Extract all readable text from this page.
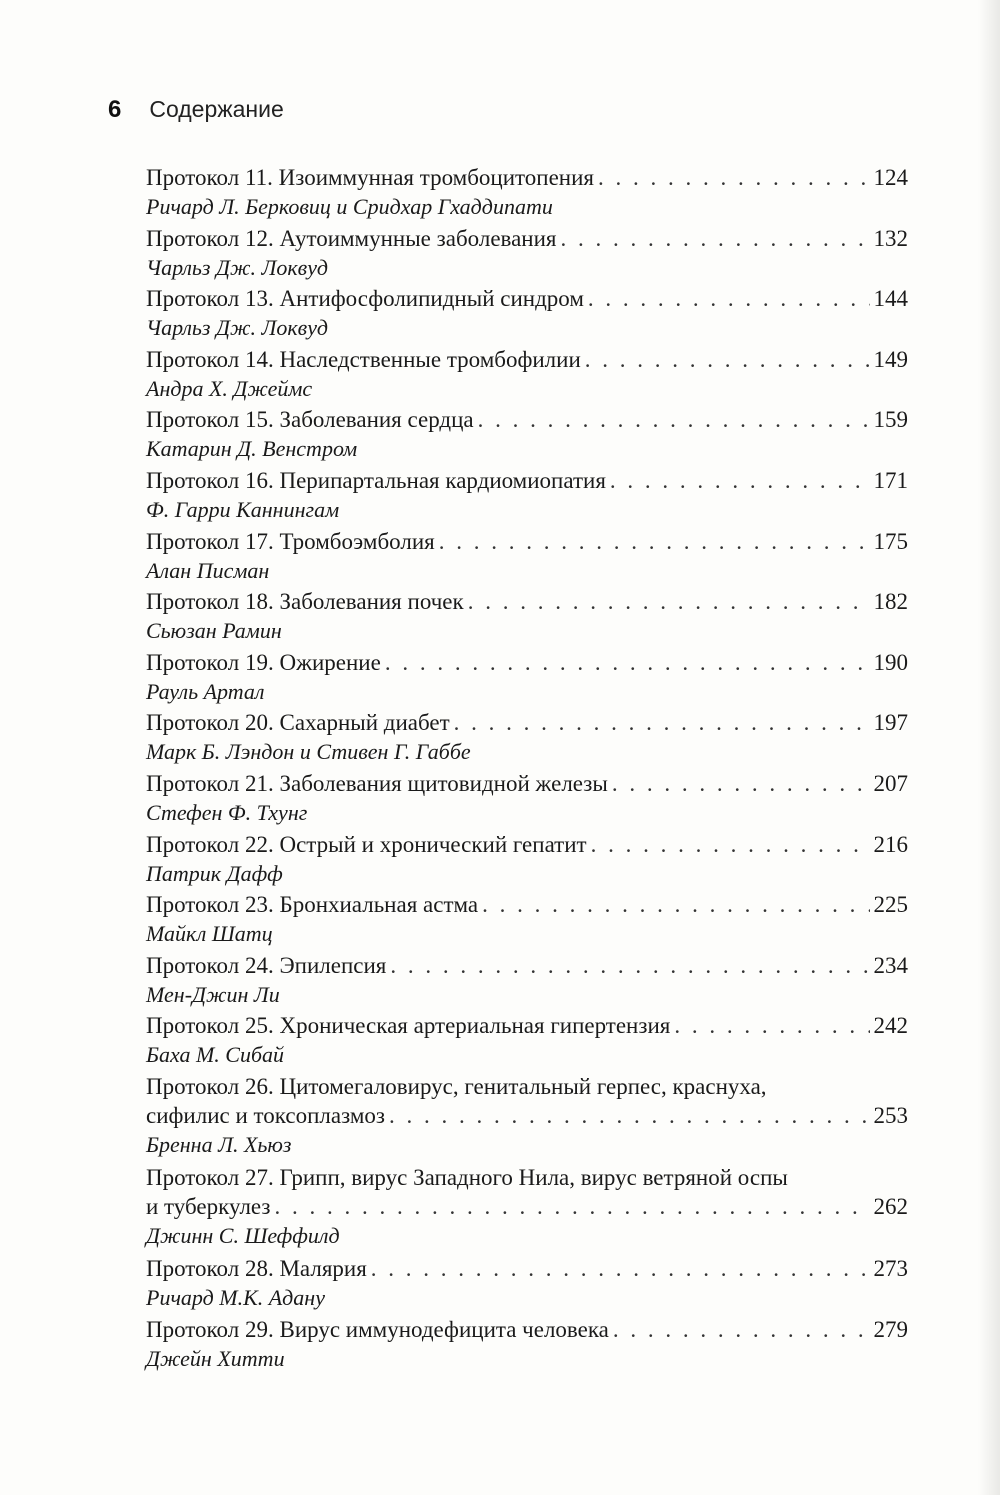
6 Содержание
Протокол 11. Изоиммунная тромбоцитопения . . .	124
Ричард Л. Берковиц и Сридхар Гхаддипати
Протокол 12. Аутоиммунные заболевания . . .	132
Чарльз Дж. Локвуд
Протокол 13. Антифосфолипидный синдром . . .	144
Чарльз Дж. Локвуд
Протокол 14. Наследственные тромбофилии . . .	149
Андра Х. Джеймс
Протокол 15. Заболевания сердца . . .	159
Катарин Д. Венстром
Протокол 16. Перипартальная кардиомиопатия . . .	171
Ф. Гарри Каннингам
Протокол 17. Тромбоэмболия . . .	175
Алан Писман
Протокол 18. Заболевания почек . . .	182
Сьюзан Рамин
Протокол 19. Ожирение . . .	190
Рауль Артал
Протокол 20. Сахарный диабет . . .	197
Марк Б. Лэндон и Стивен Г. Габбе
Протокол 21. Заболевания щитовидной железы . . .	207
Стефен Ф. Тхунг
Протокол 22. Острый и хронический гепатит . . .	216
Патрик Дафф
Протокол 23. Бронхиальная астма . . .	225
Майкл Шатц
Протокол 24. Эпилепсия . . .	234
Мен-Джин Ли
Протокол 25. Хроническая артериальная гипертензия . . .	242
Баха М. Сибай
Протокол 26. Цитомегаловирус, генитальный герпес, краснуха,
сифилис и токсоплазмоз . . .	253
Бренна Л. Хьюз
Протокол 27. Грипп, вирус Западного Нила, вирус ветряной оспы
и туберкулез . . .	262
Джинн С. Шеффилд
Протокол 28. Малярия . . .	273
Ричард М.К. Адану
Протокол 29. Вирус иммунодефицита человека . . .	279
Джейн Хитти
